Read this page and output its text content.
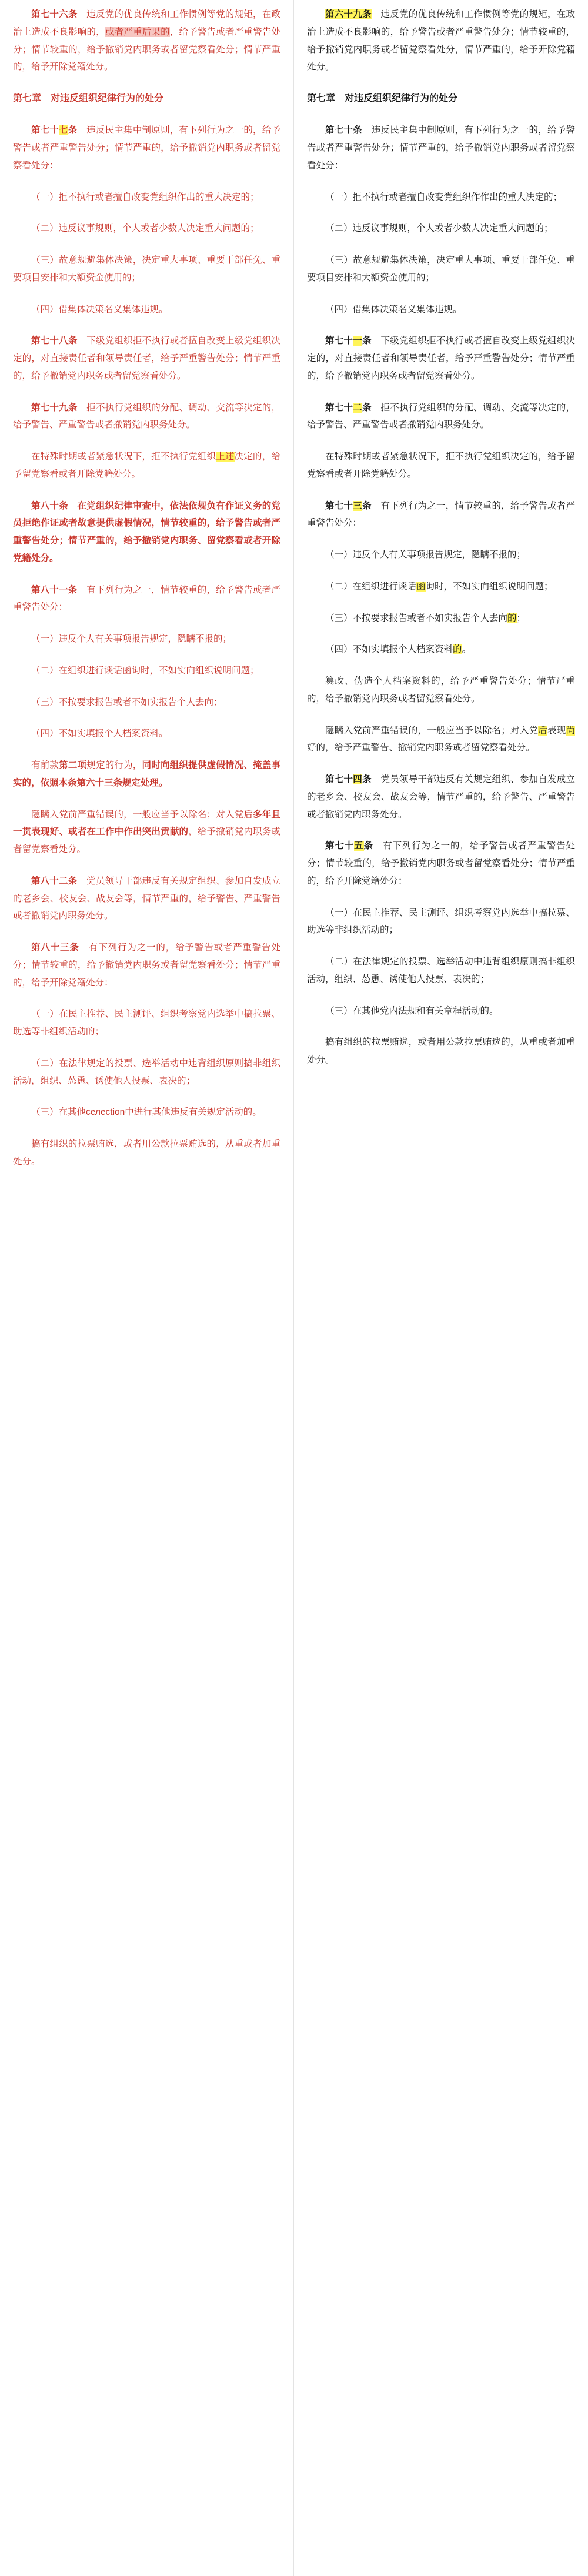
第七十六条　违反党的优良传统和工作惯例等党的规矩，在政治上造成不良影响的，或者严重后果的，给予警告或者严重警告处分；情节较重的，给予撤销党内职务或者留党察看处分；情节严重的，给予开除党籍处分。

第七章　对违反组织纪律行为的处分

第七十七条　违反民主集中制原则，有下列行为之一的，给予警告或者严重警告处分；情节严重的，给予撤销党内职务或者留党察看处分：

（一）拒不执行或者擅自改变党组织作出的重大决定的；

（二）违反议事规则，个人或者少数人决定重大问题的；

（三）故意规避集体决策，决定重大事项、重要干部任免、重要项目安排和大额资金使用的；

（四）借集体决策名义集体违规。

第七十八条　下级党组织拒不执行或者擅自改变上级党组织决定的，对直接责任者和领导责任者，给予严重警告处分；情节严重的，给予撤销党内职务或者留党察看处分。

第七十九条　拒不执行党组织的分配、调动、交流等决定的，给予警告、严重警告或者撤销党内职务处分。

在特殊时期或者紧急状况下，拒不执行党组织上述决定的，给予留党察看或者开除党籍处分。

第八十条　在党组织纪律审查中，依法依规负有作证义务的党员拒绝作证或者故意提供虚假情况，情节较重的，给予警告或者严重警告处分；情节严重的，给予撤销党内职务、留党察看或者开除党籍处分。

第八十一条　有下列行为之一，情节较重的，给予警告或者严重警告处分：

（一）违反个人有关事项报告规定，隐瞒不报的；

（二）在组织进行谈话函询时，不如实向组织说明问题；

（三）不按要求报告或者不如实报告个人去向；

（四）不如实填报个人档案资料。

有前款第二项规定的行为，同时向组织提供虚假情况、掩盖事实的，依照本条第六十三条规定处理。

隐瞒入党前严重错误的，一般应当予以除名；对入党后多年且一贯表现好、或者在工作中作出突出贡献的，给予撤销党内职务或者留党察看处分。

第八十二条　党员领导干部违反有关规定组织、参加自发成立的老乡会、校友会、战友会等，情节严重的，给予警告、严重警告或者撤销党内职务处分。

第八十三条　有下列行为之一的，给予警告或者严重警告处分；情节较重的，给予撤销党内职务或者留党察看处分；情节严重的，给予开除党籍处分：

（一）在民主推荐、民主测评、组织考察党内选举中搞拉票、助选等非组织活动的；

（二）在法律规定的投票、选举活动中违背组织原则搞非组织活动，组织、怂恿、诱使他人投票、表决的；

（三）在其他селection中进行其他违反有关规定活动的。

搞有组织的拉票贿选，或者用公款拉票贿选的，从重或者加重处分。

第六十九条　违反党的优良传统和工作惯例等党的规矩，在政治上造成不良影响的，给予警告或者严重警告处分；情节较重的，给予撤销党内职务或者留党察看处分，情节严重的，给予开除党籍处分。

第七章　对违反组织纪律行为的处分

第七十条　违反民主集中制原则，有下列行为之一的，给予警告或者严重警告处分；情节严重的，给予撤销党内职务或者留党察看处分：

（一）拒不执行或者擅自改变党组织作作出的重大决定的；

（二）违反议事规则，个人或者少数人决定重大问题的；

（三）故意规避集体决策，决定重大事项、重要干部任免、重要项目安排和大额资金使用的；

（四）借集体决策名义集体违规。

第七十一条　下级党组织拒不执行或者擅自改变上级党组织决定的，对直接责任者和领导责任者，给予严重警告处分；情节严重的，给予撤销党内职务或者留党察看处分。

第七十二条　拒不执行党组织的分配、调动、交流等决定的，给予警告、严重警告或者撤销党内职务处分。

在特殊时期或者紧急状况下，拒不执行党组织决定的，给予留党察看或者开除党籍处分。

第七十三条　有下列行为之一，情节较重的，给予警告或者严重警告处分：

（一）违反个人有关事项报告规定，隐瞒不报的；

（二）在组织进行谈话函询时，不如实向组织说明问题；

（三）不按要求报告或者不如实报告个人去向的；

（四）不如实填报个人档案资料的。

篡改、伪造个人档案资料的，给予严重警告处分；情节严重的，给予撤销党内职务或者留党察看处分。

隐瞒入党前严重错误的，一般应当予以除名；对入党后表现尚好的，给予严重警告、撤销党内职务或者留党察看处分。

第七十四条　党员领导干部违反有关规定组织、参加自发成立的老乡会、校友会、战友会等，情节严重的，给予警告、严重警告或者撤销党内职务处分。

第七十五条　有下列行为之一的，给予警告或者严重警告处分；情节较重的，给予撤销党内职务或者留党察看处分；情节严重的，给予开除党籍处分：

（一）在民主推荐、民主测评、组织考察党内选举中搞拉票、助选等非组织活动的；

（二）在法律规定的投票、选举活动中违背组织原则搞非组织活动，组织、怂恿、诱使他人投票、表决的；

（三）在其他党内法规和有关章程活动的。

搞有组织的拉票贿选，或者用公款拉票贿选的，从重或者加重处分。
